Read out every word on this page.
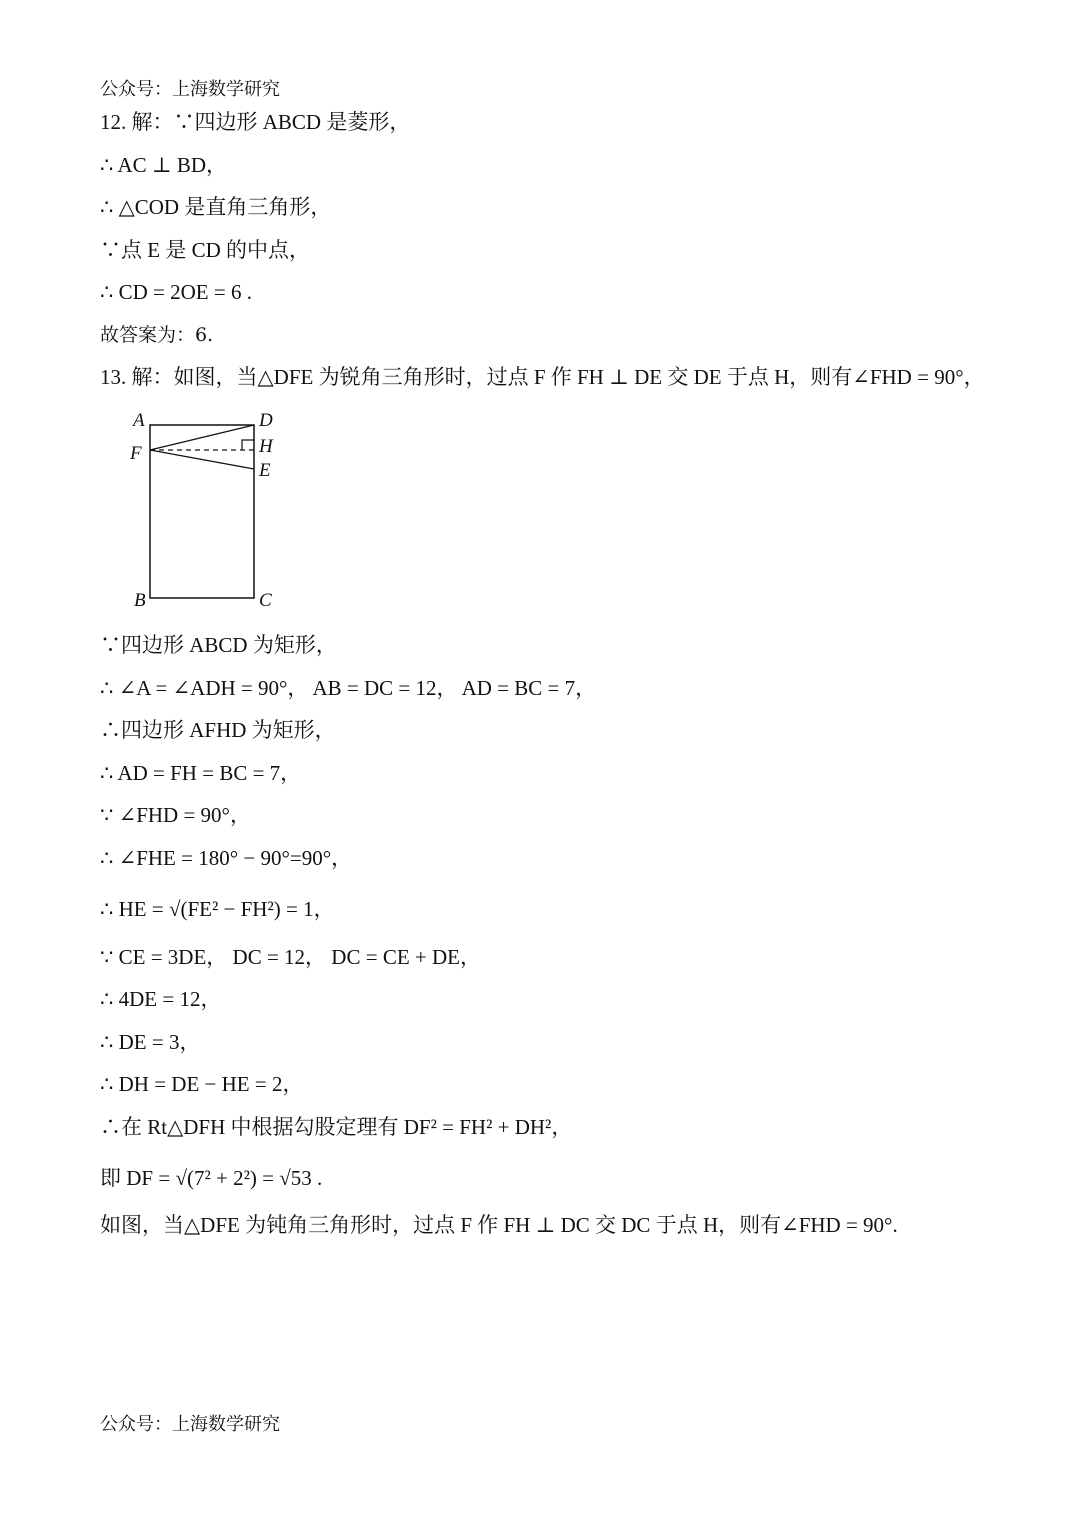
公众号：上海数学研究
12. 解：∵四边形 ABCD 是菱形，
∴ AC ⊥ BD，
∴ △COD 是直角三角形，
∵点 E 是 CD 的中点，
∴ CD = 2OE = 6 .
故答案为：6.
13. 解：如图，当△DFE 为锐角三角形时，过点 F 作 FH ⊥ DE 交 DE 于点 H，则有∠FHD = 90°，
A	D
H
F
E
B	C
∵四边形 ABCD 为矩形，
∴ ∠A = ∠ADH = 90°， AB = DC = 12， AD = BC = 7，
∴四边形 AFHD 为矩形，
∴ AD = FH = BC = 7，
∵ ∠FHD = 90°，
∴ ∠FHE = 180° − 90°=90°，
∴ HE = √(FE² − FH²) = 1，
∵ CE = 3DE， DC = 12， DC = CE + DE，
∴ 4DE = 12，
∴ DE = 3，
∴ DH = DE − HE = 2，
∴在 Rt△DFH 中根据勾股定理有 DF² = FH² + DH²，
即 DF = √(7² + 2²) = √53 .
如图，当△DFE 为钝角三角形时，过点 F 作 FH ⊥ DC 交 DC 于点 H，则有∠FHD = 90°.
公众号：上海数学研究
